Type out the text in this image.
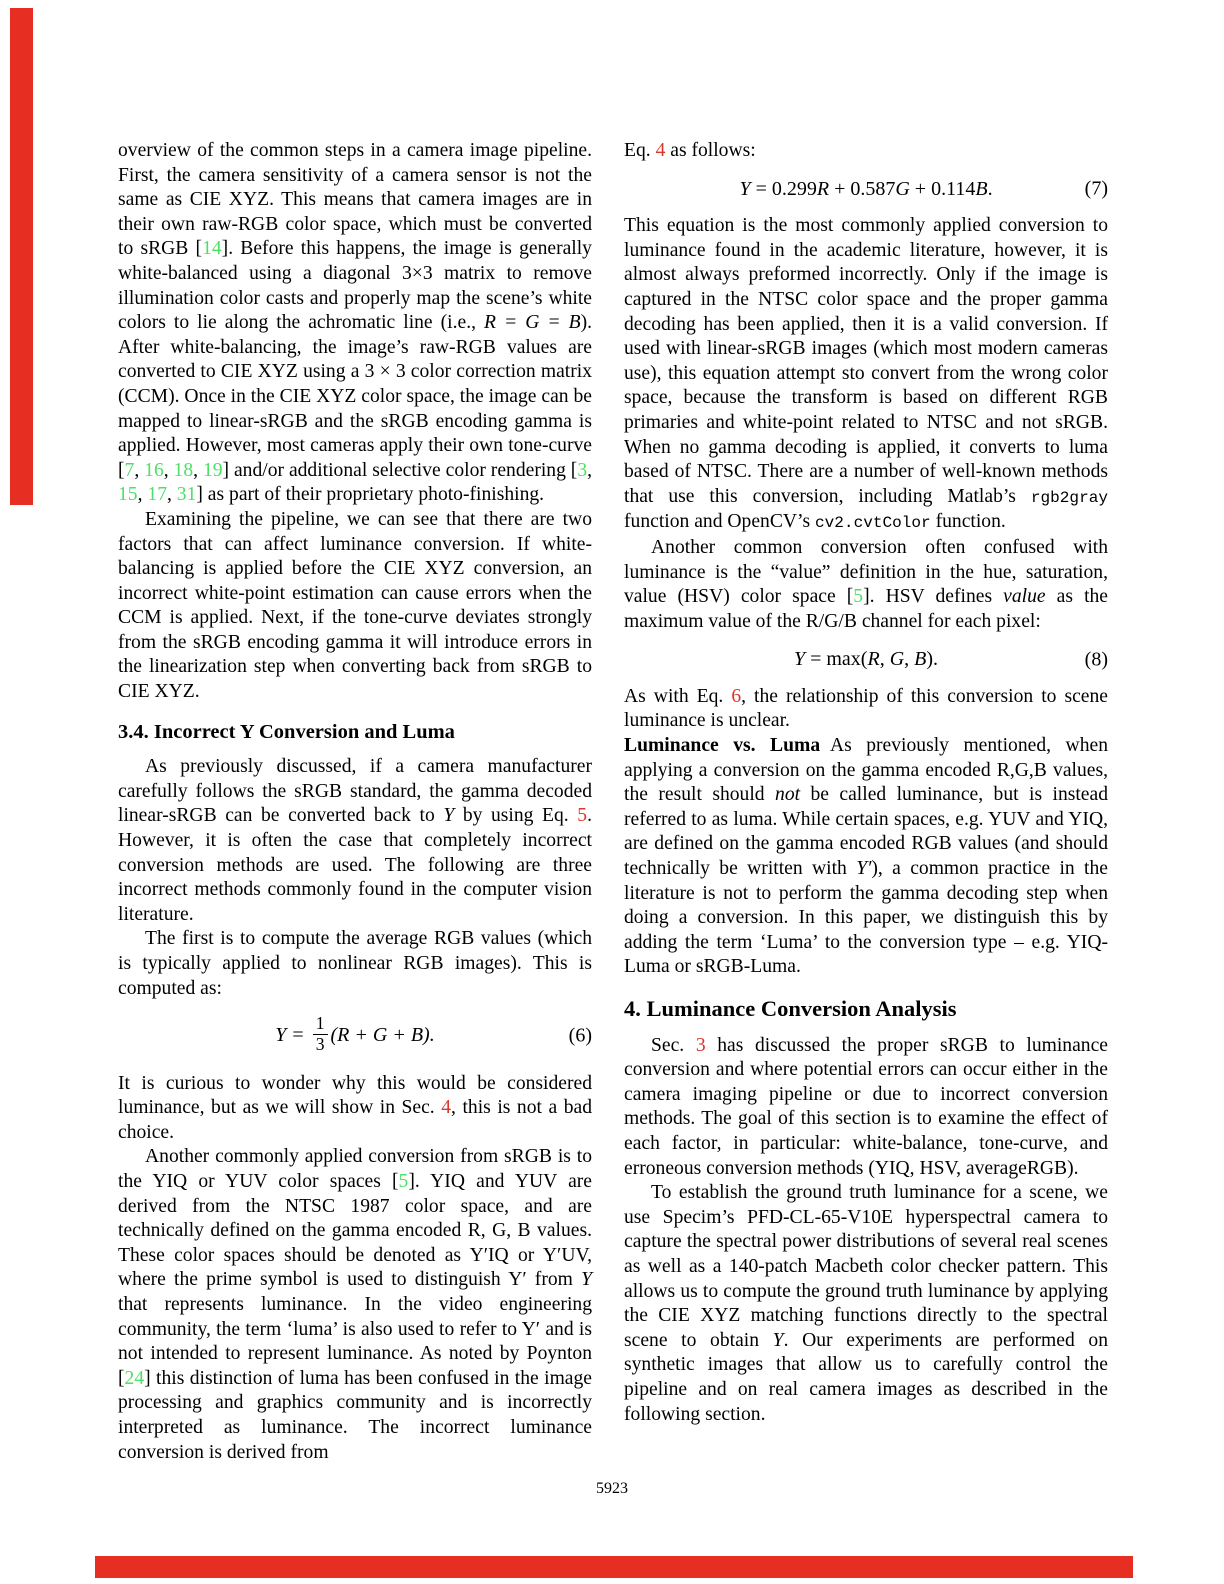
overview of the common steps in a camera image pipeline. First, the camera sensitivity of a camera sensor is not the same as CIE XYZ. This means that camera images are in their own raw-RGB color space, which must be converted to sRGB [14]. Before this happens, the image is generally white-balanced using a diagonal 3×3 matrix to remove illumination color casts and properly map the scene’s white colors to lie along the achromatic line (i.e., R = G = B). After white-balancing, the image’s raw-RGB values are converted to CIE XYZ using a 3 × 3 color correction matrix (CCM). Once in the CIE XYZ color space, the image can be mapped to linear-sRGB and the sRGB encoding gamma is applied. However, most cameras apply their own tone-curve [7, 16, 18, 19] and/or additional selective color rendering [3, 15, 17, 31] as part of their proprietary photo-finishing.

Examining the pipeline, we can see that there are two factors that can affect luminance conversion. If white-balancing is applied before the CIE XYZ conversion, an incorrect white-point estimation can cause errors when the CCM is applied. Next, if the tone-curve deviates strongly from the sRGB encoding gamma it will introduce errors in the linearization step when converting back from sRGB to CIE XYZ.

3.4. Incorrect Y Conversion and Luma

As previously discussed, if a camera manufacturer carefully follows the sRGB standard, the gamma decoded linear-sRGB can be converted back to Y by using Eq. 5. However, it is often the case that completely incorrect conversion methods are used. The following are three incorrect methods commonly found in the computer vision literature.

The first is to compute the average RGB values (which is typically applied to nonlinear RGB images). This is computed as:

$Y = \frac{1}{3} (R + G + B)$.	(6)

It is curious to wonder why this would be considered luminance, but as we will show in Sec. 4, this is not a bad choice.

Another commonly applied conversion from sRGB is to the YIQ or YUV color spaces [5]. YIQ and YUV are derived from the NTSC 1987 color space, and are technically defined on the gamma encoded R, G, B values. These color spaces should be denoted as Y′IQ or Y′UV, where the prime symbol is used to distinguish Y′ from Y that represents luminance. In the video engineering community, the term ‘luma’ is also used to refer to Y′ and is not intended to represent luminance. As noted by Poynton [24] this distinction of luma has been confused in the image processing and graphics community and is incorrectly interpreted as luminance. The incorrect luminance conversion is derived from

Eq. 4 as follows:

Y = 0.299R + 0.587G + 0.114B.	(7)

This equation is the most commonly applied conversion to luminance found in the academic literature, however, it is almost always preformed incorrectly. Only if the image is captured in the NTSC color space and the proper gamma decoding has been applied, then it is a valid conversion. If used with linear-sRGB images (which most modern cameras use), this equation attempt sto convert from the wrong color space, because the transform is based on different RGB primaries and white-point related to NTSC and not sRGB. When no gamma decoding is applied, it converts to luma based of NTSC. There are a number of well-known methods that use this conversion, including Matlab’s rgb2gray function and OpenCV’s cv2.cvtColor function.

Another common conversion often confused with luminance is the “value” definition in the hue, saturation, value (HSV) color space [5]. HSV defines value as the maximum value of the R/G/B channel for each pixel:

Y = max(R, G, B).	(8)

As with Eq. 6, the relationship of this conversion to scene luminance is unclear.

Luminance vs. Luma As previously mentioned, when applying a conversion on the gamma encoded R,G,B values, the result should not be called luminance, but is instead referred to as luma. While certain spaces, e.g. YUV and YIQ, are defined on the gamma encoded RGB values (and should technically be written with Y′), a common practice in the literature is not to perform the gamma decoding step when doing a conversion. In this paper, we distinguish this by adding the term ‘Luma’ to the conversion type – e.g. YIQ-Luma or sRGB-Luma.

4. Luminance Conversion Analysis

Sec. 3 has discussed the proper sRGB to luminance conversion and where potential errors can occur either in the camera imaging pipeline or due to incorrect conversion methods. The goal of this section is to examine the effect of each factor, in particular: white-balance, tone-curve, and erroneous conversion methods (YIQ, HSV, averageRGB).

To establish the ground truth luminance for a scene, we use Specim’s PFD-CL-65-V10E hyperspectral camera to capture the spectral power distributions of several real scenes as well as a 140-patch Macbeth color checker pattern. This allows us to compute the ground truth luminance by applying the CIE XYZ matching functions directly to the spectral scene to obtain Y. Our experiments are performed on synthetic images that allow us to carefully control the pipeline and on real camera images as described in the following section.

5923
